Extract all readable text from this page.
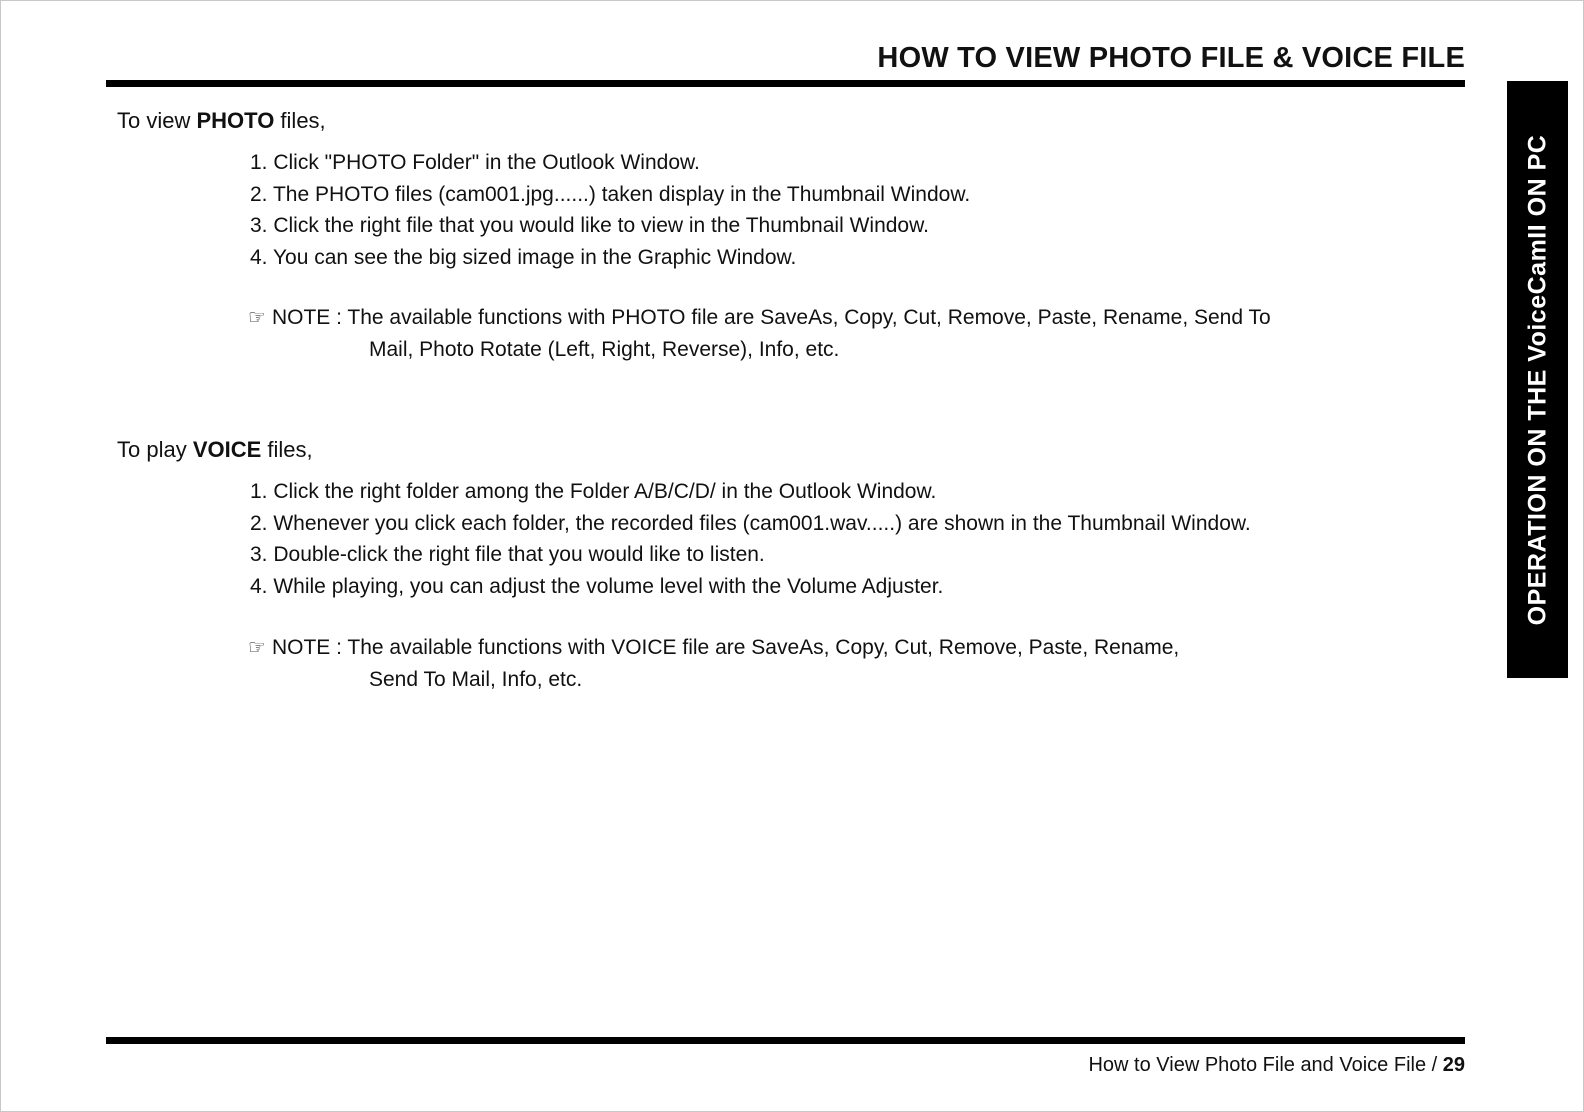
HOW TO VIEW PHOTO FILE & VOICE FILE
OPERATION ON THE VoiceCamII ON PC
To view PHOTO files,
1. Click "PHOTO Folder" in the Outlook Window.
2. The PHOTO files (cam001.jpg......) taken display in the Thumbnail Window.
3. Click the right file that you would like to view in the Thumbnail Window.
4. You can see the big sized image in the Graphic Window.
☞ NOTE : The available functions with PHOTO file are SaveAs, Copy, Cut, Remove, Paste, Rename, Send To
Mail, Photo Rotate (Left, Right, Reverse), Info, etc.
To play VOICE files,
1. Click the right folder among the Folder A/B/C/D/ in the Outlook Window.
2. Whenever you click each folder, the recorded files (cam001.wav.....) are shown in the Thumbnail Window.
3. Double-click the right file that you would like to listen.
4. While playing, you can adjust the volume level with the Volume Adjuster.
☞ NOTE : The available functions with VOICE file are SaveAs, Copy, Cut, Remove, Paste, Rename,
Send To Mail, Info, etc.
How to View Photo File and Voice File / 29
